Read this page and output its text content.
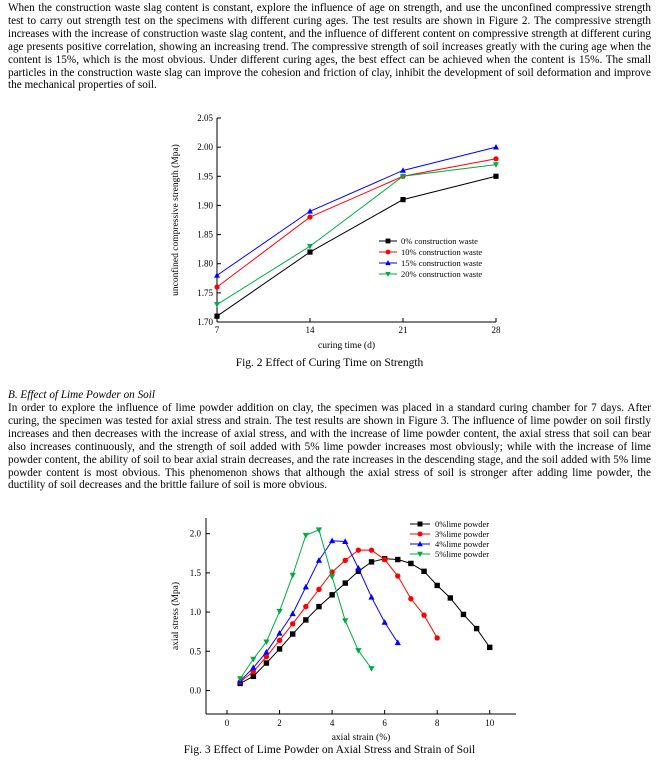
When the construction waste slag content is constant, explore the influence of age on strength, and use the unconfined compressive strength test to carry out strength test on the specimens with different curing ages. The test results are shown in Figure 2. The compressive strength increases with the increase of construction waste slag content, and the influence of different content on compressive strength at different curing age presents positive correlation, showing an increasing trend. The compressive strength of soil increases greatly with the curing age when the content is 15%, which is the most obvious. Under different curing ages, the best effect can be achieved when the content is 15%. The small particles in the construction waste slag can improve the cohesion and friction of clay, inhibit the development of soil deformation and improve the mechanical properties of soil.

1.70
1.75
1.80
1.85
1.90
1.95
2.00
2.05
7	14	21	28
curing time (d)
unconfined compressive strength (Mpa)	0% construction waste
10% construction waste
15% construction waste
20% construction waste

Fig. 2 Effect of Curing Time on Strength

B. Effect of Lime Powder on Soil

In order to explore the influence of lime powder addition on clay, the specimen was placed in a standard curing chamber for 7 days. After curing, the specimen was tested for axial stress and strain. The test results are shown in Figure 3. The influence of lime powder on soil firstly increases and then decreases with the increase of axial stress, and with the increase of lime powder content, the axial stress that soil can bear also increases continuously, and the strength of soil added with 5% lime powder increases most obviously; while with the increase of lime powder content, the ability of soil to bear axial strain decreases, and the rate increases in the descending stage, and the soil added with 5% lime powder content is most obvious. This phenomenon shows that although the axial stress of soil is stronger after adding lime powder, the ductility of soil decreases and the brittle failure of soil is more obvious.

0.0
0.5
1.0
1.5
2.0
0	2	4	6	8	10
axial strain (%)
axial stress (Mpa)
0%lime powder
3%lime powder
4%lime powder
5%lime powder

Fig. 3 Effect of Lime Powder on Axial Stress and Strain of Soil
